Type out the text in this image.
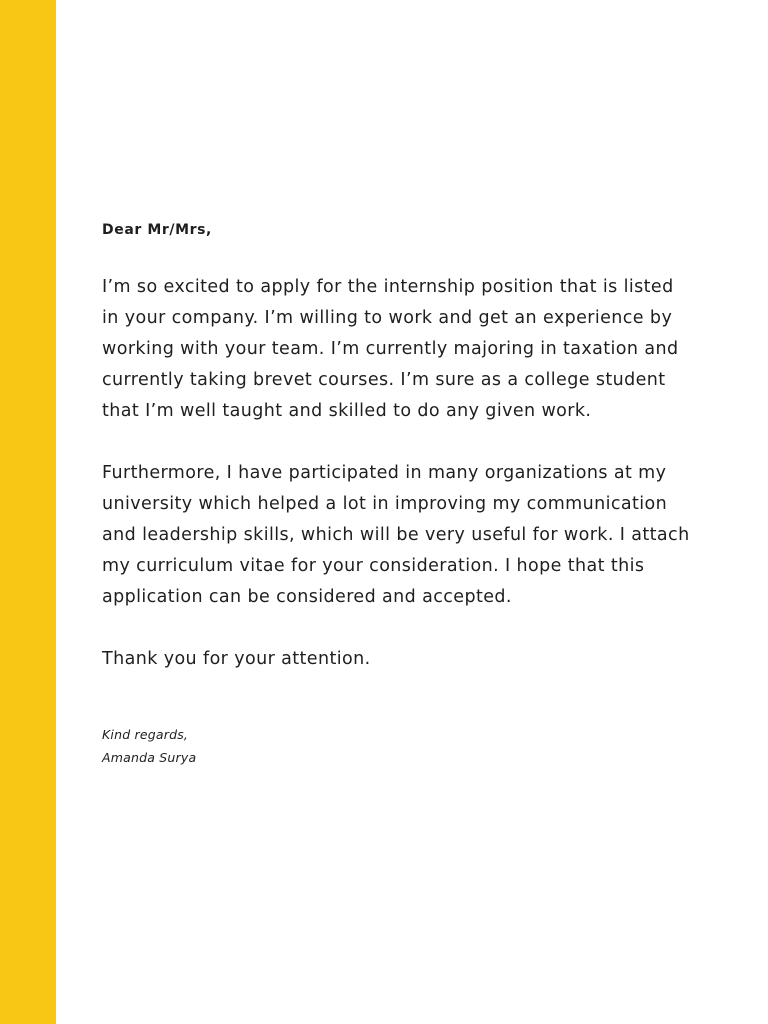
Dear Mr/Mrs,

I’m so excited to apply for the internship position that is listed
in your company. I’m willing to work and get an experience by
working with your team. I’m currently majoring in taxation and
currently taking brevet courses. I’m sure as a college student
that I’m well taught and skilled to do any given work.

Furthermore, I have participated in many organizations at my
university which helped a lot in improving my communication
and leadership skills, which will be very useful for work. I attach
my curriculum vitae for your consideration. I hope that this
application can be considered and accepted.

Thank you for your attention.

Kind regards,
Amanda Surya
